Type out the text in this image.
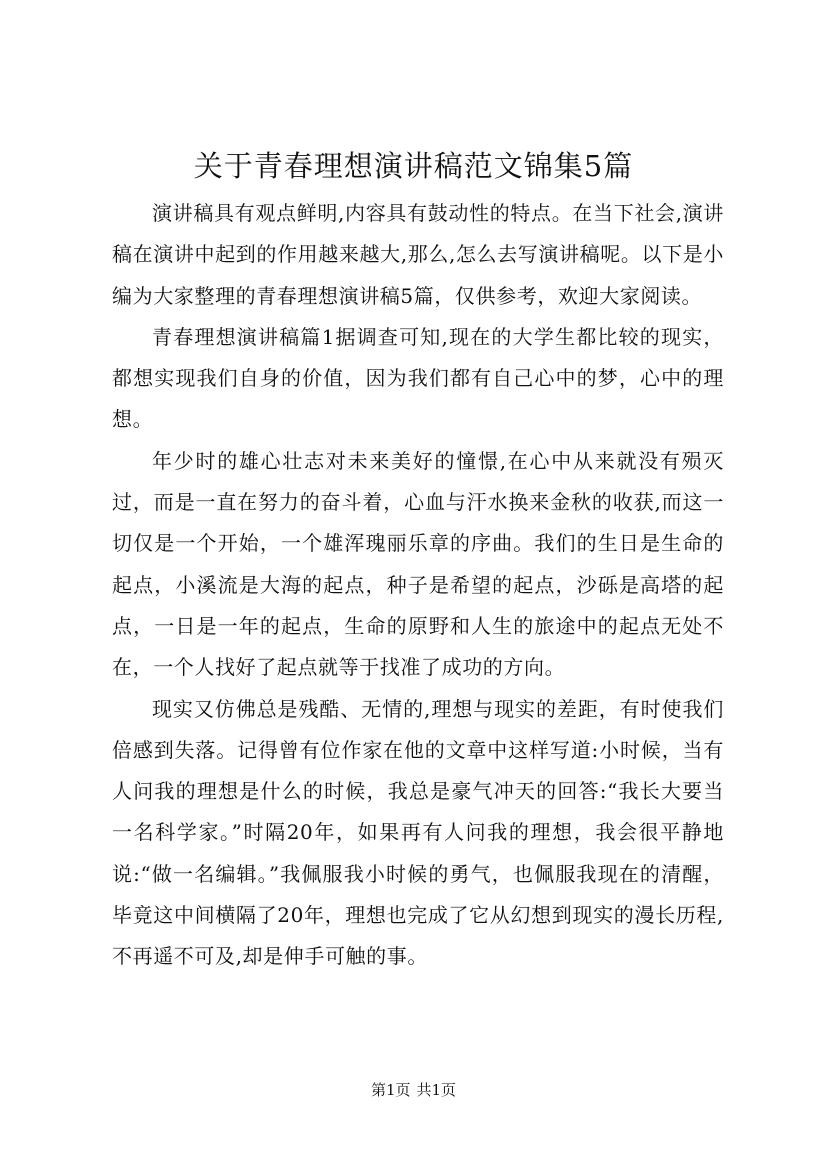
关于青春理想演讲稿范文锦集5篇

演讲稿具有观点鲜明,内容具有鼓动性的特点。在当下社会,演讲稿在演讲中起到的作用越来越大,那么,怎么去写演讲稿呢。以下是小编为大家整理的青春理想演讲稿5篇，仅供参考，欢迎大家阅读。

青春理想演讲稿篇1据调查可知,现在的大学生都比较的现实，都想实现我们自身的价值，因为我们都有自己心中的梦，心中的理想。

年少时的雄心壮志对未来美好的憧憬,在心中从来就没有殒灭过，而是一直在努力的奋斗着，心血与汗水换来金秋的收获,而这一切仅是一个开始，一个雄浑瑰丽乐章的序曲。我们的生日是生命的起点，小溪流是大海的起点，种子是希望的起点，沙砾是高塔的起点，一日是一年的起点，生命的原野和人生的旅途中的起点无处不在，一个人找好了起点就等于找准了成功的方向。

现实又仿佛总是残酷、无情的,理想与现实的差距，有时使我们倍感到失落。记得曾有位作家在他的文章中这样写道:小时候，当有人问我的理想是什么的时候，我总是豪气冲天的回答:“我长大要当一名科学家。”时隔20年，如果再有人问我的理想，我会很平静地说:“做一名编辑。”我佩服我小时候的勇气，也佩服我现在的清醒，毕竟这中间横隔了20年，理想也完成了它从幻想到现实的漫长历程,不再遥不可及,却是伸手可触的事。

第1页 共1页
